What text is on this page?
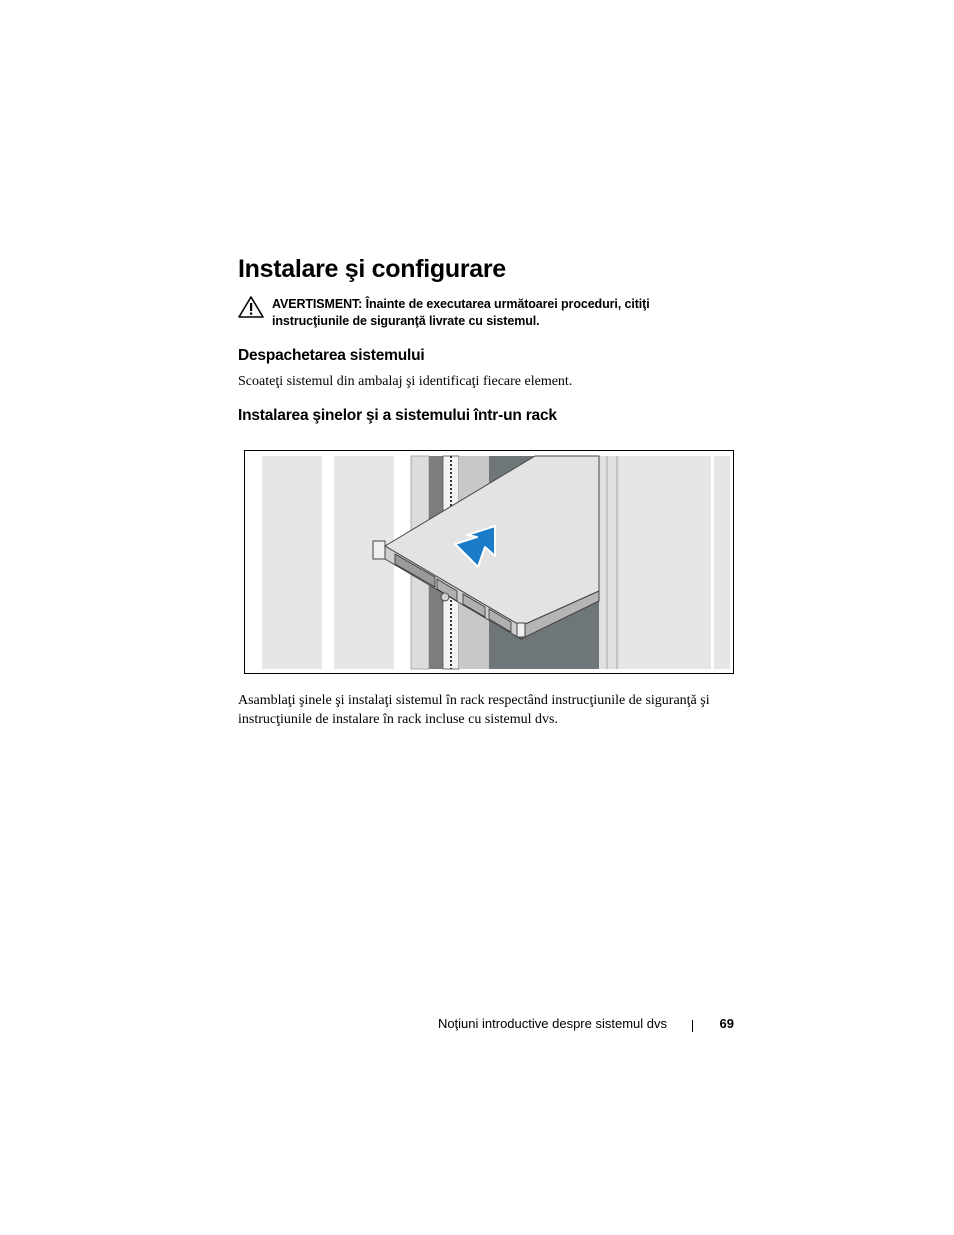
Instalare şi configurare
AVERTISMENT: Înainte de executarea următoarei proceduri, citiţi
instrucţiunile de siguranţă livrate cu sistemul.
Despachetarea sistemului

Scoateţi sistemul din ambalaj şi identificaţi fiecare element.

Instalarea şinelor şi a sistemului într-un rack

Asamblaţi şinele şi instalaţi sistemul în rack respectând instrucţiunile de siguranţă şi
instrucţiunile de instalare în rack incluse cu sistemul dvs.

Noţiuni introductive despre sistemul dvs	69
